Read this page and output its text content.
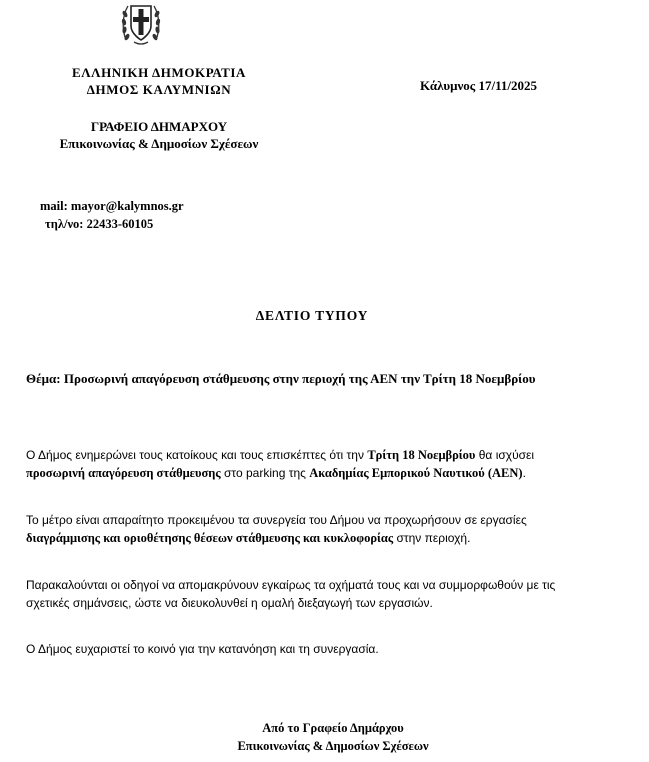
ΕΛΛΗΝΙΚΗ ΔΗΜΟΚΡΑΤΙΑ
ΔΗΜΟΣ ΚΑΛΥΜΝΙΩΝ
ΓΡΑΦΕΙΟ ΔΗΜΑΡΧΟΥ
Επικοινωνίας & Δημοσίων Σχέσεων
Κάλυμνος 17/11/2025
mail: mayor@kalymnos.gr
τηλ/νο: 22433-60105
ΔΕΛΤΙΟ ΤΥΠΟΥ
Θέμα: Προσωρινή απαγόρευση στάθμευσης στην περιοχή της ΑΕΝ την Τρίτη 18 Νοεμβρίου
Ο Δήμος ενημερώνει τους κατοίκους και τους επισκέπτες ότι την Τρίτη 18 Νοεμβρίου θα ισχύσει προσωρινή απαγόρευση στάθμευσης στο parking της Ακαδημίας Εμπορικού Ναυτικού (ΑΕΝ).
Το μέτρο είναι απαραίτητο προκειμένου τα συνεργεία του Δήμου να προχωρήσουν σε εργασίες διαγράμμισης και οριοθέτησης θέσεων στάθμευσης και κυκλοφορίας στην περιοχή.
Παρακαλούνται οι οδηγοί να απομακρύνουν εγκαίρως τα οχήματά τους και να συμμορφωθούν με τις σχετικές σημάνσεις, ώστε να διευκολυνθεί η ομαλή διεξαγωγή των εργασιών.
Ο Δήμος ευχαριστεί το κοινό για την κατανόηση και τη συνεργασία.
Από το Γραφείο Δημάρχου
Επικοινωνίας & Δημοσίων Σχέσεων
